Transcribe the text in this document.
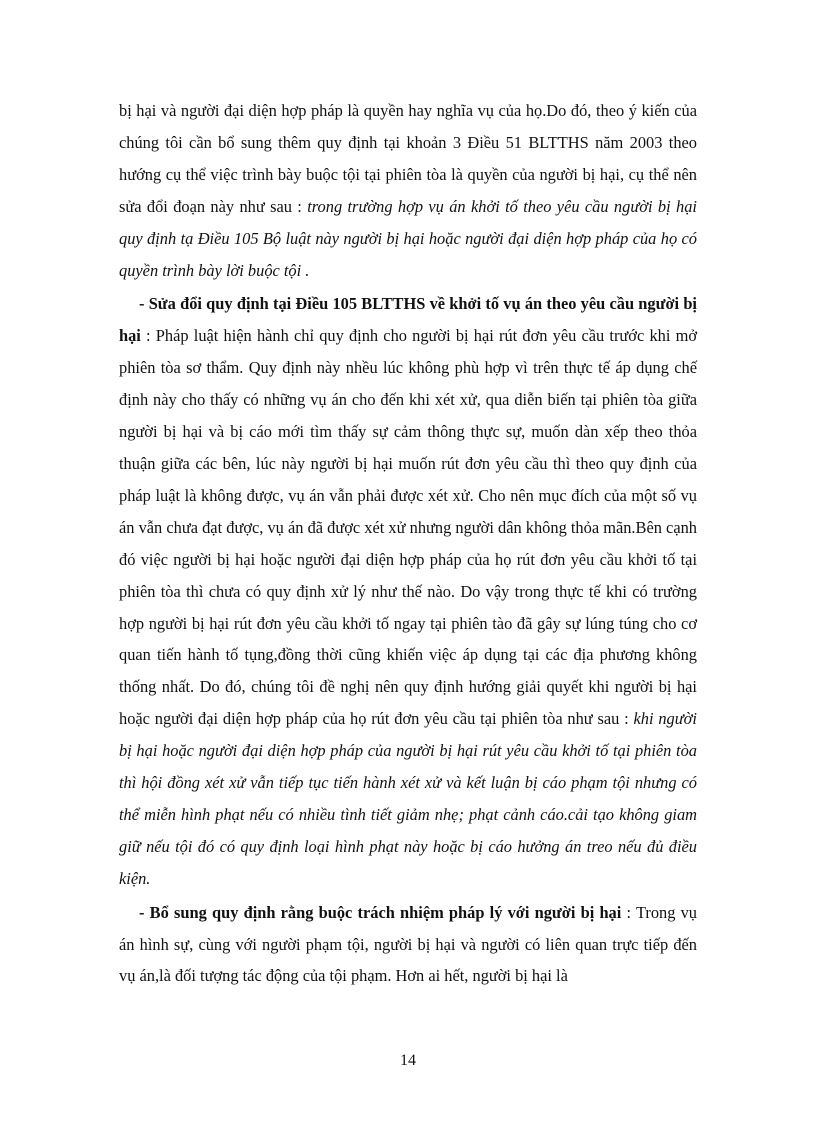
bị hại và người đại diện hợp pháp là quyền hay nghĩa vụ của họ.Do đó, theo ý kiến của chúng tôi cần bổ sung thêm quy định tại khoản 3 Điều 51 BLTTHS năm 2003 theo hướng cụ thể việc trình bày buộc tội tại phiên tòa là quyền của người bị hại, cụ thể nên sửa đổi đoạn này như sau : trong trường hợp vụ án khởi tố theo yêu cầu người bị hại quy định tạ Điều 105 Bộ luật này người bị hại hoặc người đại diện hợp pháp của họ có quyền trình bày lời buộc tội .

- Sửa đổi quy định tại Điều 105 BLTTHS về khởi tố vụ án theo yêu cầu người bị hại : Pháp luật hiện hành chỉ quy định cho người bị hại rút đơn yêu cầu trước khi mở phiên tòa sơ thẩm. Quy định này nhều lúc không phù hợp vì trên thực tế áp dụng chế định này cho thấy có những vụ án cho đến khi xét xử, qua diễn biến tại phiên tòa giữa người bị hại và bị cáo mới tìm thấy sự cảm thông thực sự, muốn dàn xếp theo thỏa thuận giữa các bên, lúc này người bị hại muốn rút đơn yêu cầu thì theo quy định của pháp luật là không được, vụ án vẫn phải được xét xử. Cho nên mục đích của một số vụ án vẫn chưa đạt được, vụ án đã được xét xử nhưng người dân không thỏa mãn.Bên cạnh đó việc người bị hại hoặc người đại diện hợp pháp của họ rút đơn yêu cầu khởi tố tại phiên tòa thì chưa có quy định xử lý như thế nào. Do vậy trong thực tế khi có trường hợp người bị hại rút đơn yêu cầu khởi tố ngay tại phiên tào đã gây sự lúng túng cho cơ quan tiến hành tố tụng,đồng thời cũng khiến việc áp dụng tại các địa phương không thống nhất. Do đó, chúng tôi đề nghị nên quy định hướng giải quyết khi người bị hại hoặc người đại diện hợp pháp của họ rút đơn yêu cầu tại phiên tòa như sau : khi người bị hại hoặc người đại diện hợp pháp của người bị hại rút yêu cầu khởi tố tại phiên tòa thì hội đồng xét xử vẫn tiếp tục tiến hành xét xử và kết luận bị cáo phạm tội nhưng có thể miễn hình phạt nếu có nhiều tình tiết giảm nhẹ; phạt cảnh cáo.cải tạo không giam giữ nếu tội đó có quy định loại hình phạt này hoặc bị cáo hưởng án treo nếu đủ điều kiện.

- Bổ sung quy định rằng buộc trách nhiệm pháp lý với người bị hại : Trong vụ án hình sự, cùng với người phạm tội, người bị hại và người có liên quan trực tiếp đến vụ án,là đối tượng tác động của tội phạm. Hơn ai hết, người bị hại là

14
